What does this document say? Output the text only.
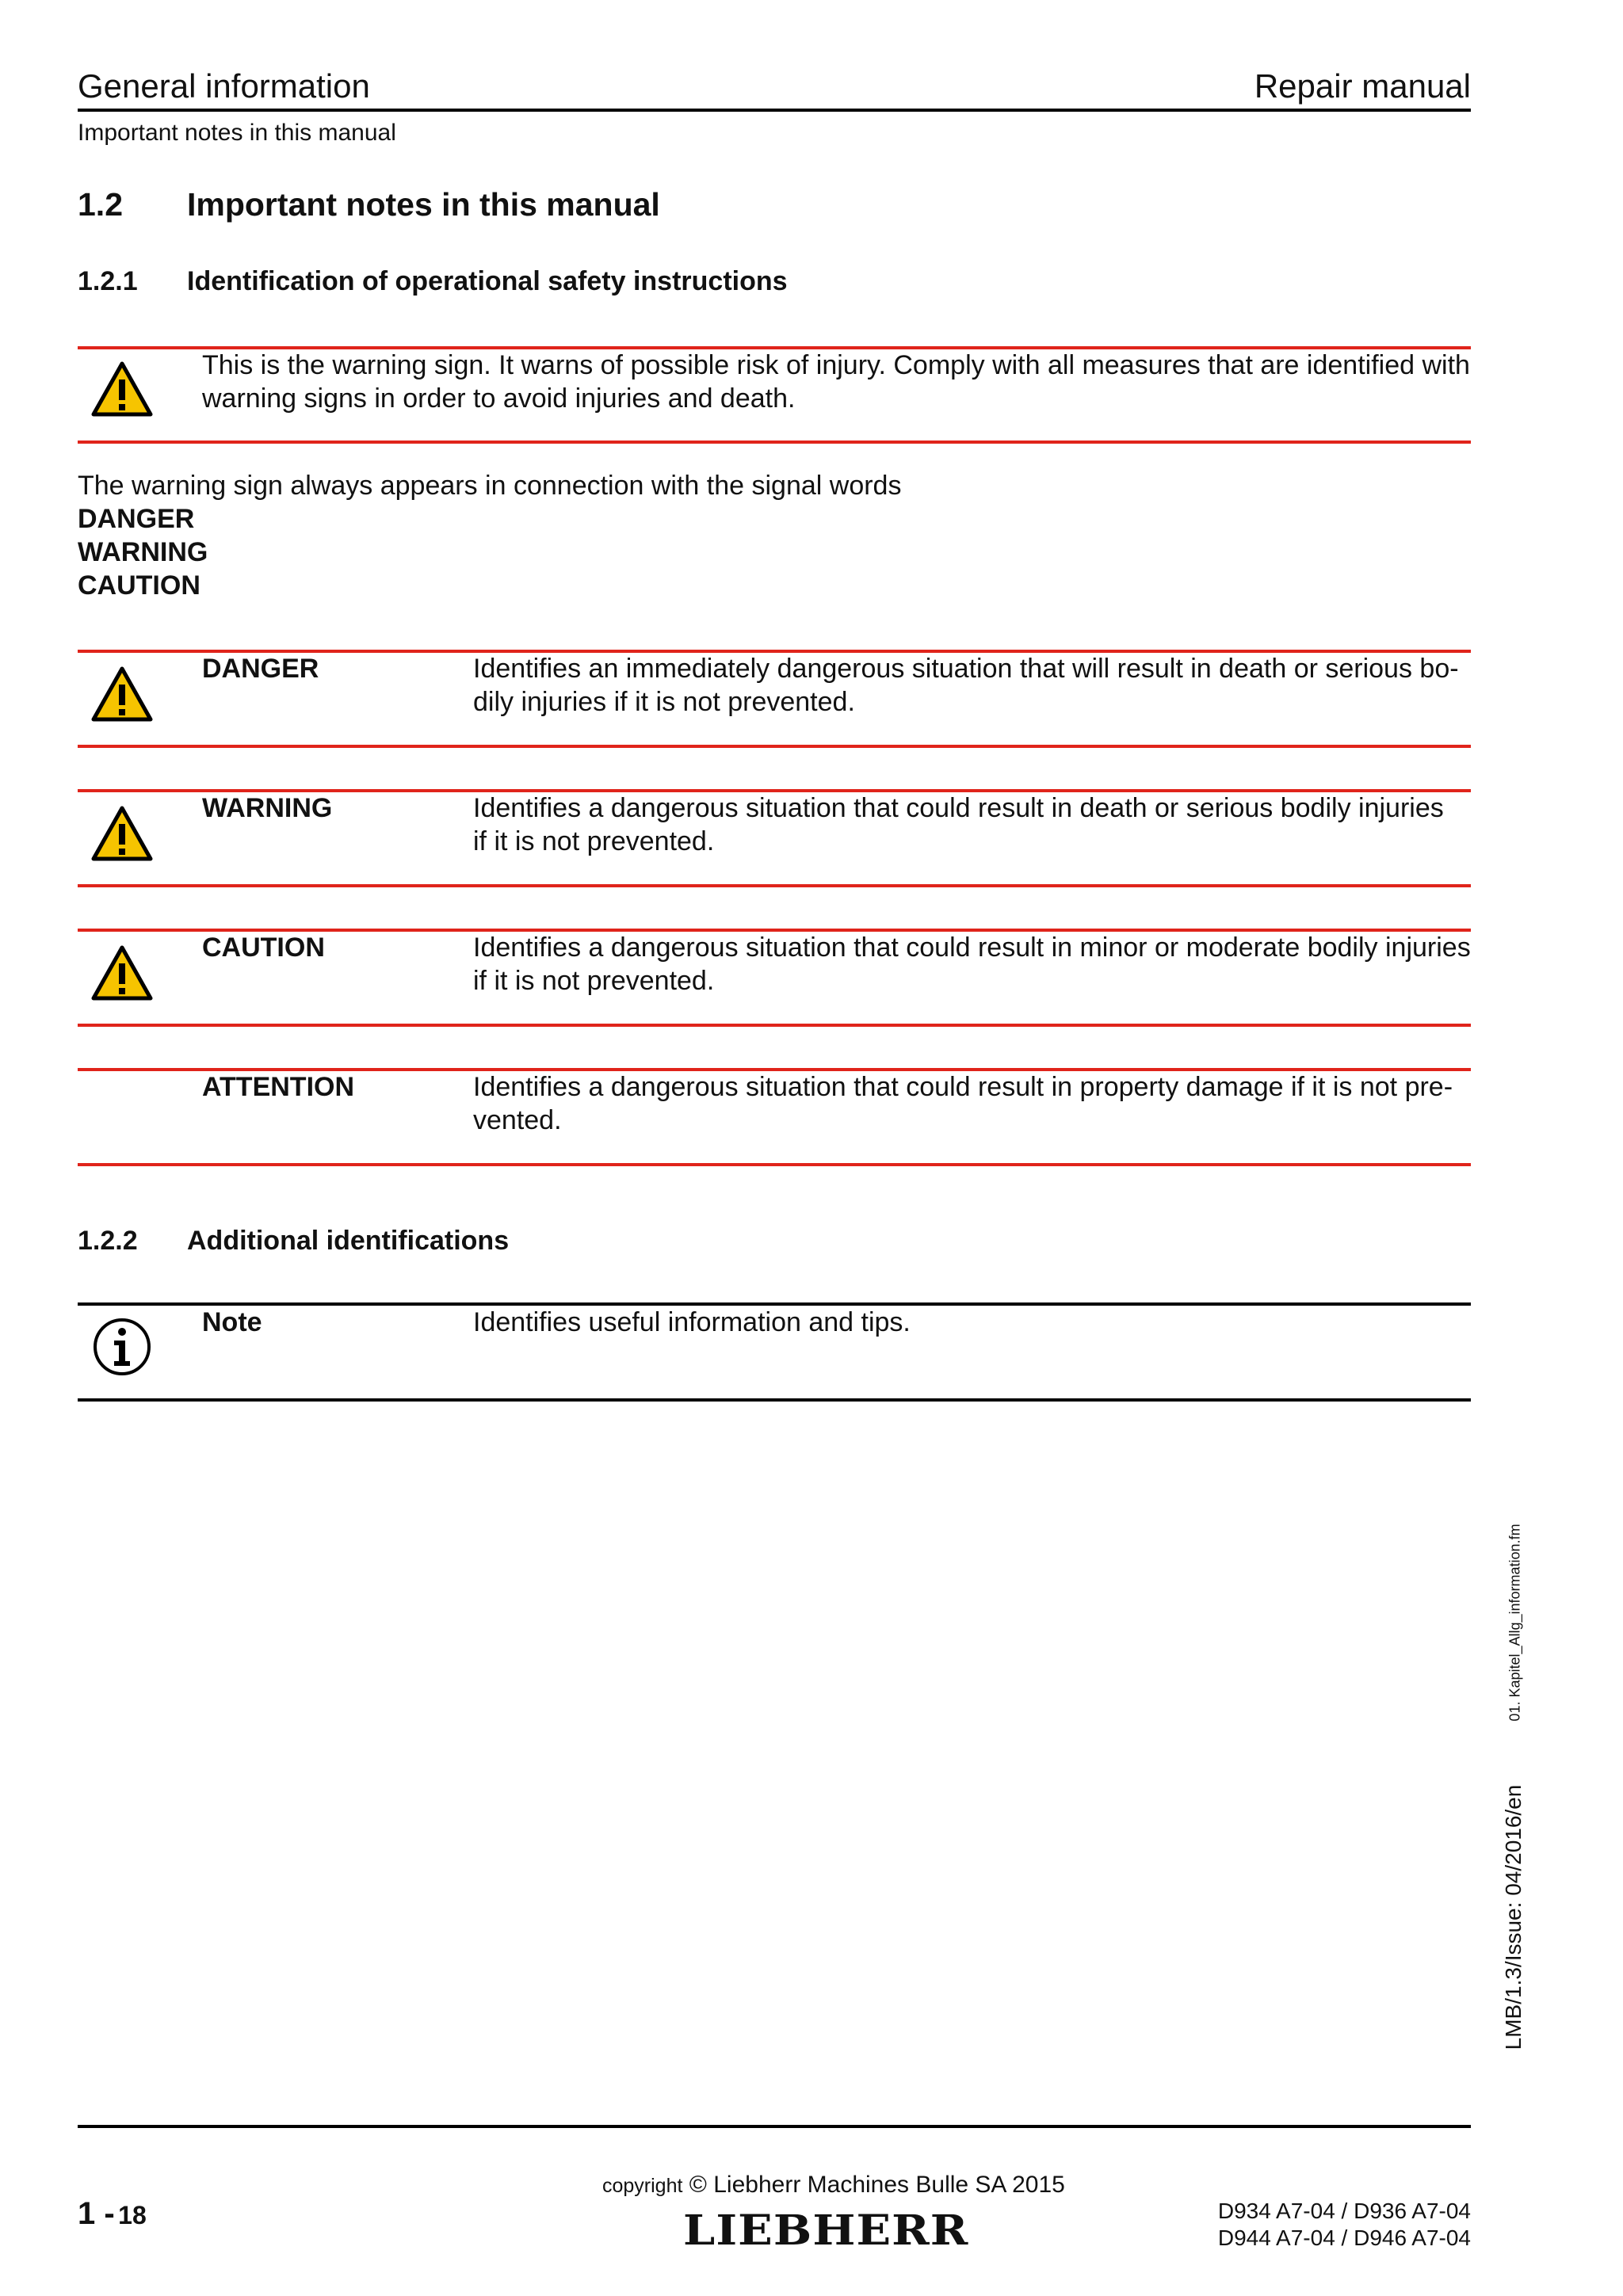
General information	Repair manual
Important notes in this manual
1.2 Important notes in this manual
1.2.1 Identification of operational safety instructions
This is the warning sign. It warns of possible risk of injury. Comply with all measures that are identified with
warning signs in order to avoid injuries and death.
The warning sign always appears in connection with the signal words
DANGER
WARNING
CAUTION
DANGER	Identifies an immediately dangerous situation that will result in death or serious bo-
dily injuries if it is not prevented.
WARNING	Identifies a dangerous situation that could result in death or serious bodily injuries
if it is not prevented.
CAUTION	Identifies a dangerous situation that could result in minor or moderate bodily injuries
if it is not prevented.
ATTENTION	Identifies a dangerous situation that could result in property damage if it is not pre-
vented.
1.2.2 Additional identifications
Note	Identifies useful information and tips.
01. Kapitel_Allg_information.fm
LMB/1.3/Issue: 04/2016/en
copyright © Liebherr Machines Bulle SA 2015
1 - 18	LIEBHERR	D934 A7-04 / D936 A7-04
D944 A7-04 / D946 A7-04
